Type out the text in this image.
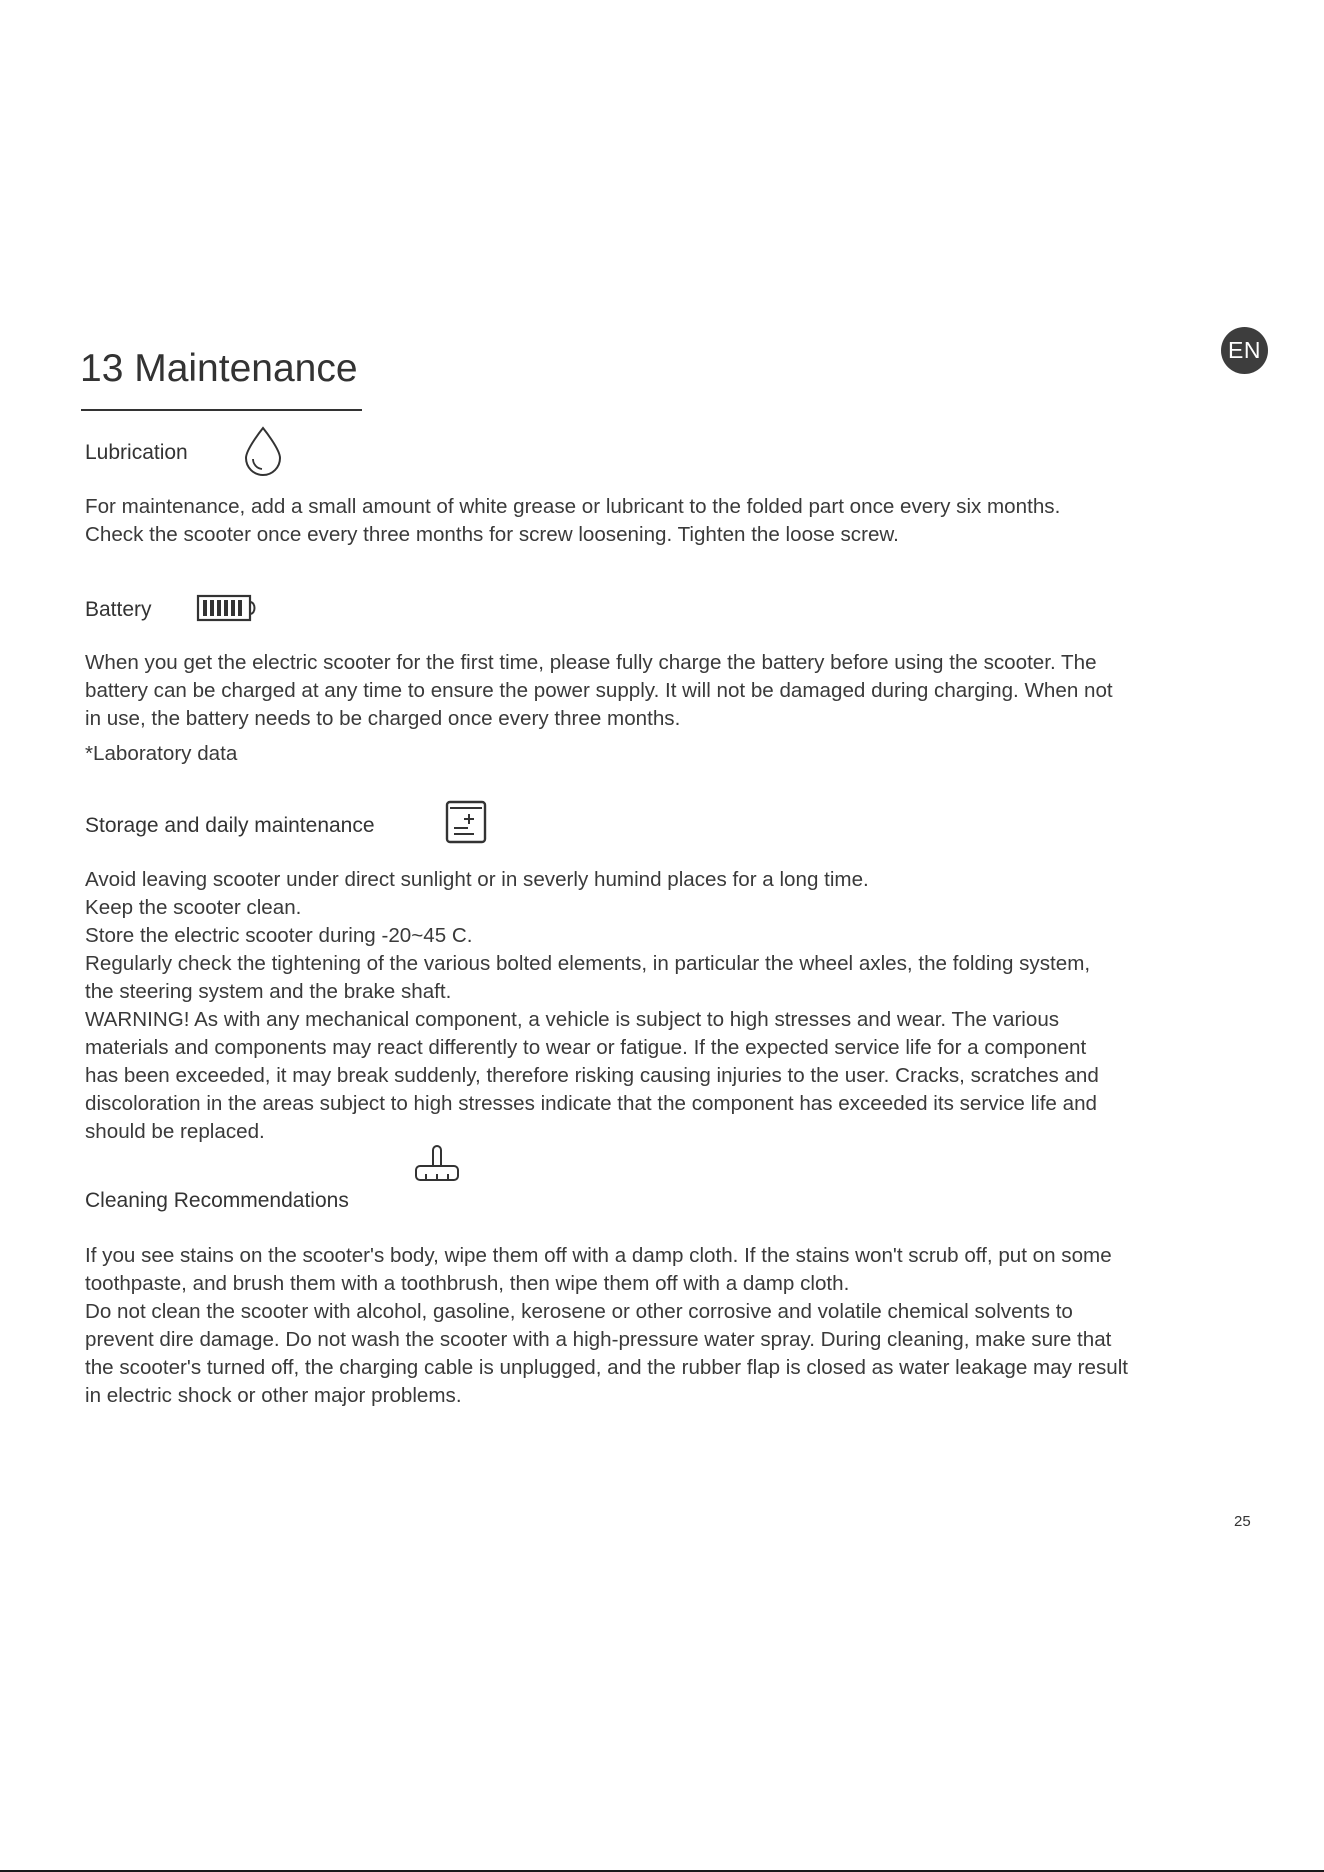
EN
13 Maintenance
Lubrication
For maintenance, add a small amount of white grease or lubricant to the folded part once every six months.
Check the scooter once every three months for screw loosening. Tighten the loose screw.
Battery
When you get the electric scooter for the first time, please fully charge the battery before using the scooter. The
battery can be charged at any time to ensure the power supply. It will not be damaged during charging. When not
in use, the battery needs to be charged once every three months.
*Laboratory data
Storage and daily maintenance
Avoid leaving scooter under direct sunlight or in severly humind places for a long time.
Keep the scooter clean.
Store the electric scooter during -20~45 C.
Regularly check the tightening of the various bolted elements, in particular the wheel axles, the folding system,
the steering system and the brake shaft.
WARNING! As with any mechanical component, a vehicle is subject to high stresses and wear. The various
materials and components may react differently to wear or fatigue. If the expected service life for a component
has been exceeded, it may break suddenly, therefore risking causing injuries to the user. Cracks, scratches and
discoloration in the areas subject to high stresses indicate that the component has exceeded its service life and
should be replaced.
Cleaning Recommendations
If you see stains on the scooter's body, wipe them off with a damp cloth. If the stains won't scrub off, put on some
toothpaste, and brush them with a toothbrush, then wipe them off with a damp cloth.
Do not clean the scooter with alcohol, gasoline, kerosene or other corrosive and volatile chemical solvents to
prevent dire damage. Do not wash the scooter with a high-pressure water spray. During cleaning, make sure that
the scooter's turned off, the charging cable is unplugged, and the rubber flap is closed as water leakage may result
in electric shock or other major problems.
25
